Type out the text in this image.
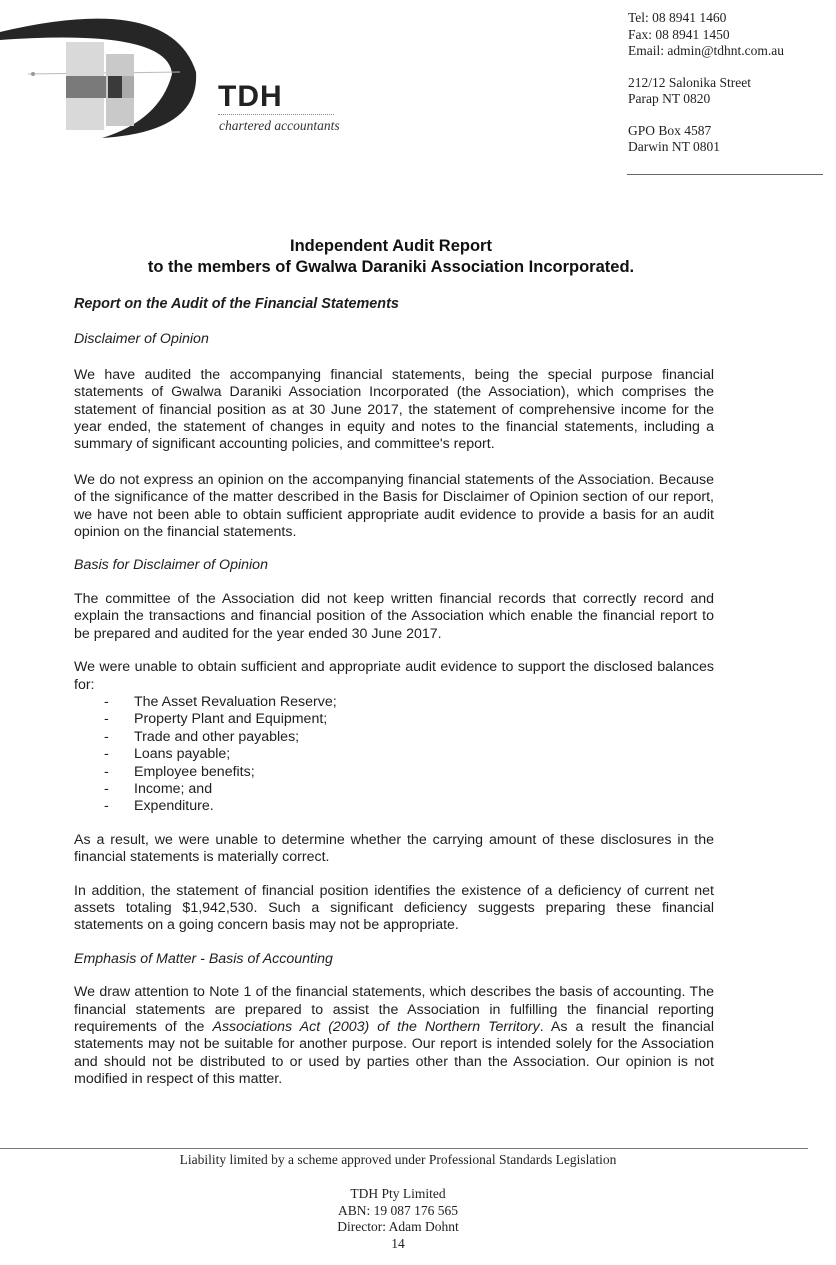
TDH
chartered accountants
Tel: 08 8941 1460
Fax: 08 8941 1450
Email: admin@tdhnt.com.au
212/12 Salonika Street
Parap NT 0820
GPO Box 4587
Darwin NT 0801
Independent Audit Report
to the members of Gwalwa Daraniki Association Incorporated.

Report on the Audit of the Financial Statements

Disclaimer of Opinion

We have audited the accompanying financial statements, being the special purpose financial statements of Gwalwa Daraniki Association Incorporated (the Association), which comprises the statement of financial position as at 30 June 2017, the statement of comprehensive income for the year ended, the statement of changes in equity and notes to the financial statements, including a summary of significant accounting policies, and committee's report.

We do not express an opinion on the accompanying financial statements of the Association. Because of the significance of the matter described in the Basis for Disclaimer of Opinion section of our report, we have not been able to obtain sufficient appropriate audit evidence to provide a basis for an audit opinion on the financial statements.

Basis for Disclaimer of Opinion

The committee of the Association did not keep written financial records that correctly record and explain the transactions and financial position of the Association which enable the financial report to be prepared and audited for the year ended 30 June 2017.

We were unable to obtain sufficient and appropriate audit evidence to support the disclosed balances for:

- The Asset Revaluation Reserve;
- Property Plant and Equipment;
- Trade and other payables;
- Loans payable;
- Employee benefits;
- Income; and
- Expenditure.

As a result, we were unable to determine whether the carrying amount of these disclosures in the financial statements is materially correct.

In addition, the statement of financial position identifies the existence of a deficiency of current net assets totaling $1,942,530. Such a significant deficiency suggests preparing these financial statements on a going concern basis may not be appropriate.

Emphasis of Matter - Basis of Accounting

We draw attention to Note 1 of the financial statements, which describes the basis of accounting. The financial statements are prepared to assist the Association in fulfilling the financial reporting requirements of the Associations Act (2003) of the Northern Territory. As a result the financial statements may not be suitable for another purpose. Our report is intended solely for the Association and should not be distributed to or used by parties other than the Association. Our opinion is not modified in respect of this matter.

Liability limited by a scheme approved under Professional Standards Legislation
TDH Pty Limited
ABN: 19 087 176 565
Director: Adam Dohnt
14
